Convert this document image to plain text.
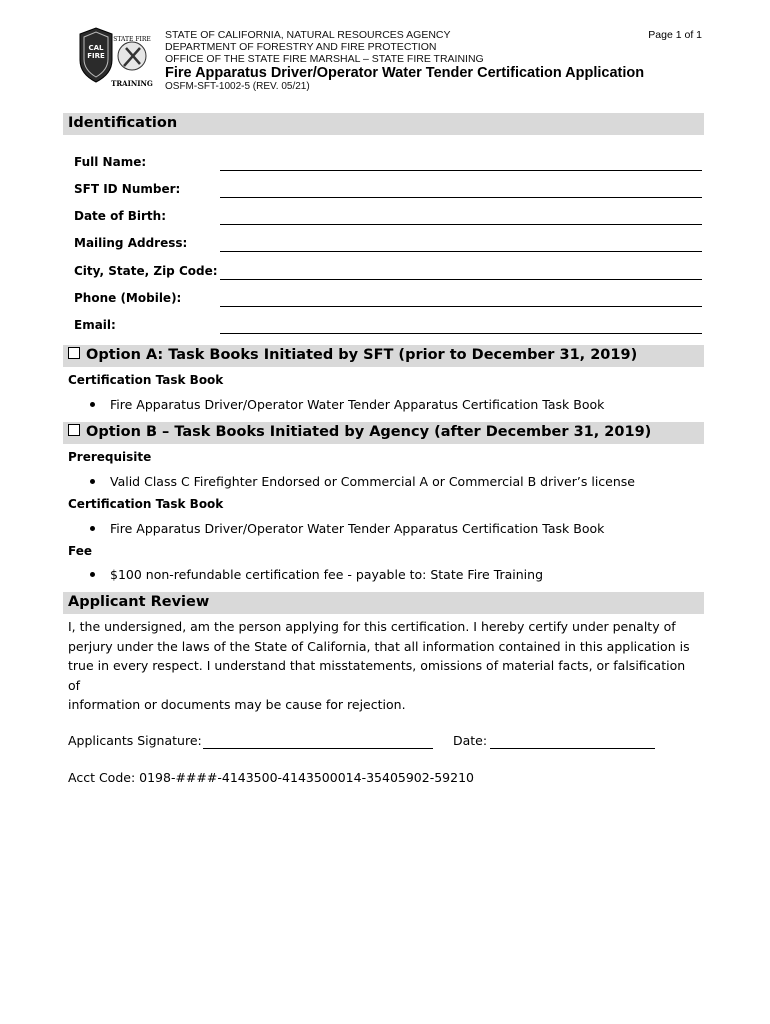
CAL
FIRE
STATE FIRE
TRAINING
STATE OF CALIFORNIA, NATURAL RESOURCES AGENCY
DEPARTMENT OF FORESTRY AND FIRE PROTECTION
OFFICE OF THE STATE FIRE MARSHAL – STATE FIRE TRAINING
Page 1 of 1
Fire Apparatus Driver/Operator Water Tender Certification Application
OSFM-SFT-1002-5 (REV. 05/21)
Identification
Full Name:
SFT ID Number:
Date of Birth:
Mailing Address:
City, State, Zip Code:
Phone (Mobile):
Email:
Option A: Task Books Initiated by SFT (prior to December 31, 2019)
Certification Task Book
Fire Apparatus Driver/Operator Water Tender Apparatus Certification Task Book
Option B – Task Books Initiated by Agency (after December 31, 2019)
Prerequisite
Valid Class C Firefighter Endorsed or Commercial A or Commercial B driver’s license
Certification Task Book
Fire Apparatus Driver/Operator Water Tender Apparatus Certification Task Book
Fee
$100 non-refundable certification fee - payable to: State Fire Training
Applicant Review
I, the undersigned, am the person applying for this certification. I hereby certify under penalty of
perjury under the laws of the State of California, that all information contained in this application is
true in every respect. I understand that misstatements, omissions of material facts, or falsification of
information or documents may be cause for rejection.
Applicants Signature:	Date:
Acct Code: 0198-####-4143500-4143500014-35405902-59210
